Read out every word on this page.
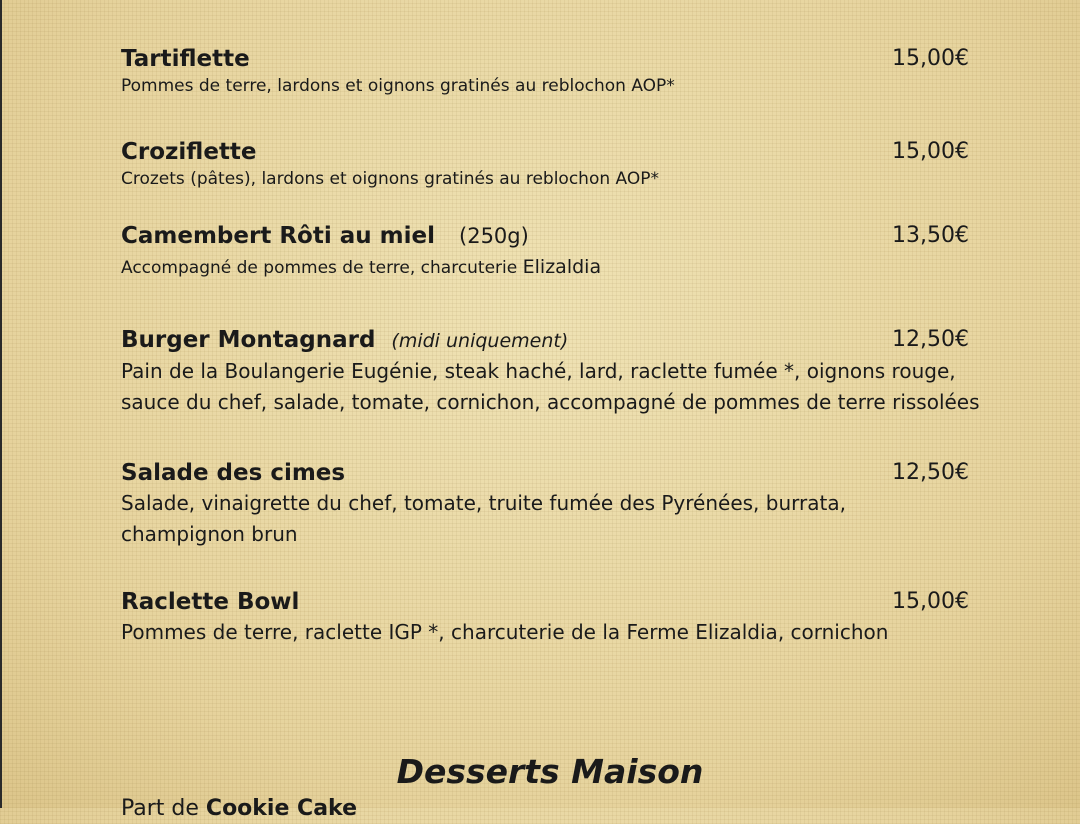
Tartiflette	15,00€
Pommes de terre, lardons et oignons gratinés au reblochon AOP*
Croziflette	15,00€
Crozets (pâtes), lardons et oignons gratinés au reblochon AOP*
Camembert Rôti au miel (250g)	13,50€
Accompagné de pommes de terre, charcuterie Elizaldia
Burger Montagnard (midi uniquement)	12,50€
Pain de la Boulangerie Eugénie, steak haché, lard, raclette fumée *, oignons rouge,
sauce du chef, salade, tomate, cornichon, accompagné de pommes de terre rissolées
Salade des cimes	12,50€
Salade, vinaigrette du chef, tomate, truite fumée des Pyrénées, burrata,
champignon brun
Raclette Bowl	15,00€
Pommes de terre, raclette IGP *, charcuterie de la Ferme Elizaldia, cornichon
Desserts Maison
Part de Cookie Cake
